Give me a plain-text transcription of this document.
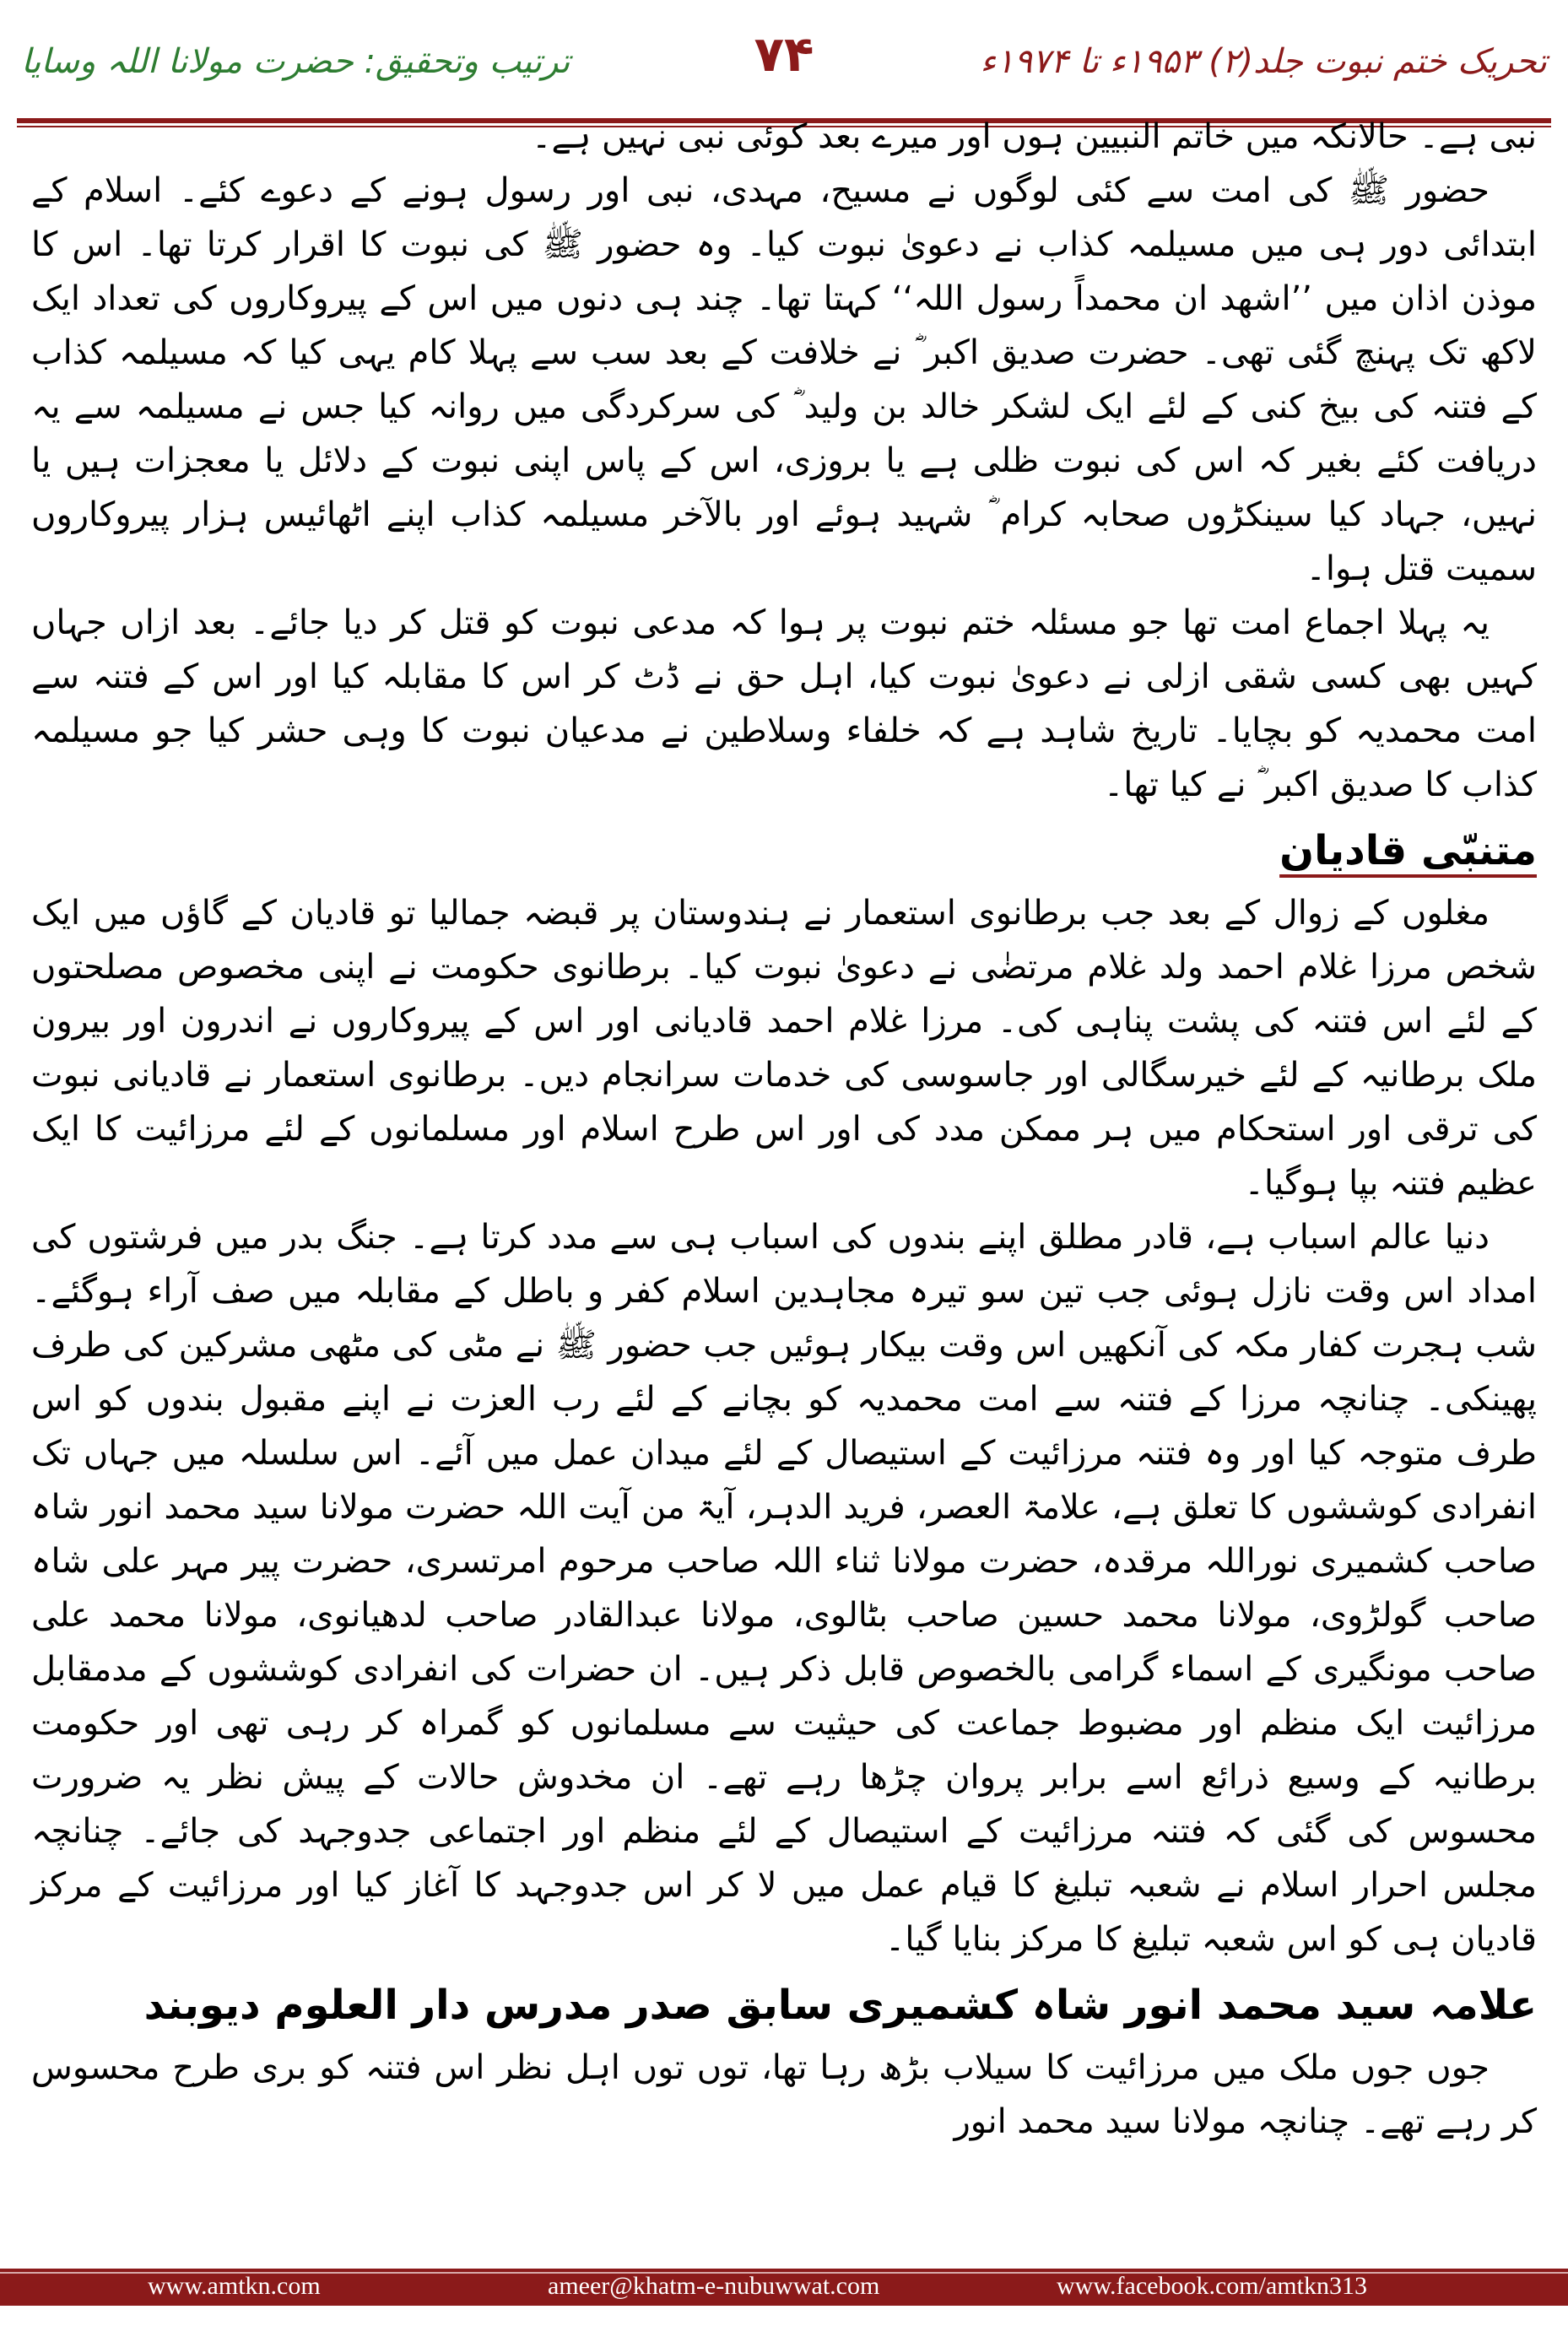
ترتیب وتحقیق: حضرت مولانا اللہ وسایا	۷۴	تحریک ختم نبوت جلد(۲) ۱۹۵۳ء تا ۱۹۷۴ء

نبی ہے۔ حالانکہ میں خاتم النبیین ہوں اور میرے بعد کوئی نبی نہیں ہے۔

حضور ﷺ کی امت سے کئی لوگوں نے مسیح، مہدی، نبی اور رسول ہونے کے دعوے کئے۔ اسلام کے ابتدائی دور ہی میں مسیلمہ کذاب نے دعویٰ نبوت کیا۔ وہ حضور ﷺ کی نبوت کا اقرار کرتا تھا۔ اس کا موذن اذان میں ’’اشھد ان محمداً رسول اللہ‘‘ کہتا تھا۔ چند ہی دنوں میں اس کے پیروکاروں کی تعداد ایک لاکھ تک پہنچ گئی تھی۔ حضرت صدیق اکبر ؓ نے خلافت کے بعد سب سے پہلا کام یہی کیا کہ مسیلمہ کذاب کے فتنہ کی بیخ کنی کے لئے ایک لشکر خالد بن ولید ؓ کی سرکردگی میں روانہ کیا جس نے مسیلمہ سے یہ دریافت کئے بغیر کہ اس کی نبوت ظلی ہے یا بروزی، اس کے پاس اپنی نبوت کے دلائل یا معجزات ہیں یا نہیں، جہاد کیا سینکڑوں صحابہ کرام ؓ شہید ہوئے اور بالآخر مسیلمہ کذاب اپنے اٹھائیس ہزار پیروکاروں سمیت قتل ہوا۔

یہ پہلا اجماع امت تھا جو مسئلہ ختم نبوت پر ہوا کہ مدعی نبوت کو قتل کر دیا جائے۔ بعد ازاں جہاں کہیں بھی کسی شقی ازلی نے دعویٰ نبوت کیا، اہل حق نے ڈٹ کر اس کا مقابلہ کیا اور اس کے فتنہ سے امت محمدیہ کو بچایا۔ تاریخ شاہد ہے کہ خلفاء وسلاطین نے مدعیان نبوت کا وہی حشر کیا جو مسیلمہ کذاب کا صدیق اکبر ؓ نے کیا تھا۔

متنبّی قادیان

مغلوں کے زوال کے بعد جب برطانوی استعمار نے ہندوستان پر قبضہ جمالیا تو قادیان کے گاؤں میں ایک شخص مرزا غلام احمد ولد غلام مرتضٰی نے دعویٰ نبوت کیا۔ برطانوی حکومت نے اپنی مخصوص مصلحتوں کے لئے اس فتنہ کی پشت پناہی کی۔ مرزا غلام احمد قادیانی اور اس کے پیروکاروں نے اندرون اور بیرون ملک برطانیہ کے لئے خیرسگالی اور جاسوسی کی خدمات سرانجام دیں۔ برطانوی استعمار نے قادیانی نبوت کی ترقی اور استحکام میں ہر ممکن مدد کی اور اس طرح اسلام اور مسلمانوں کے لئے مرزائیت کا ایک عظیم فتنہ بپا ہوگیا۔

دنیا عالم اسباب ہے، قادر مطلق اپنے بندوں کی اسباب ہی سے مدد کرتا ہے۔ جنگ بدر میں فرشتوں کی امداد اس وقت نازل ہوئی جب تین سو تیرہ مجاہدین اسلام کفر و باطل کے مقابلہ میں صف آراء ہوگئے۔ شب ہجرت کفار مکہ کی آنکھیں اس وقت بیکار ہوئیں جب حضور ﷺ نے مٹی کی مٹھی مشرکین کی طرف پھینکی۔ چنانچہ مرزا کے فتنہ سے امت محمدیہ کو بچانے کے لئے رب العزت نے اپنے مقبول بندوں کو اس طرف متوجہ کیا اور وہ فتنہ مرزائیت کے استیصال کے لئے میدان عمل میں آئے۔ اس سلسلہ میں جہاں تک انفرادی کوششوں کا تعلق ہے، علامۃ العصر، فرید الدہر، آیۃ من آیت اللہ حضرت مولانا سید محمد انور شاہ صاحب کشمیری نوراللہ مرقدہ، حضرت مولانا ثناء اللہ صاحب مرحوم امرتسری، حضرت پیر مہر علی شاہ صاحب گولڑوی، مولانا محمد حسین صاحب بٹالوی، مولانا عبدالقادر صاحب لدھیانوی، مولانا محمد علی صاحب مونگیری کے اسماء گرامی بالخصوص قابل ذکر ہیں۔ ان حضرات کی انفرادی کوششوں کے مدمقابل مرزائیت ایک منظم اور مضبوط جماعت کی حیثیت سے مسلمانوں کو گمراہ کر رہی تھی اور حکومت برطانیہ کے وسیع ذرائع اسے برابر پروان چڑھا رہے تھے۔ ان مخدوش حالات کے پیش نظر یہ ضرورت محسوس کی گئی کہ فتنہ مرزائیت کے استیصال کے لئے منظم اور اجتماعی جدوجہد کی جائے۔ چنانچہ مجلس احرار اسلام نے شعبہ تبلیغ کا قیام عمل میں لا کر اس جدوجہد کا آغاز کیا اور مرزائیت کے مرکز قادیان ہی کو اس شعبہ تبلیغ کا مرکز بنایا گیا۔

علامہ سید محمد انور شاہ کشمیری سابق صدر مدرس دار العلوم دیوبند

جوں جوں ملک میں مرزائیت کا سیلاب بڑھ رہا تھا، توں توں اہل نظر اس فتنہ کو بری طرح محسوس کر رہے تھے۔ چنانچہ مولانا سید محمد انور

www.amtkn.com	ameer@khatm-e-nubuwwat.com	www.facebook.com/amtkn313
